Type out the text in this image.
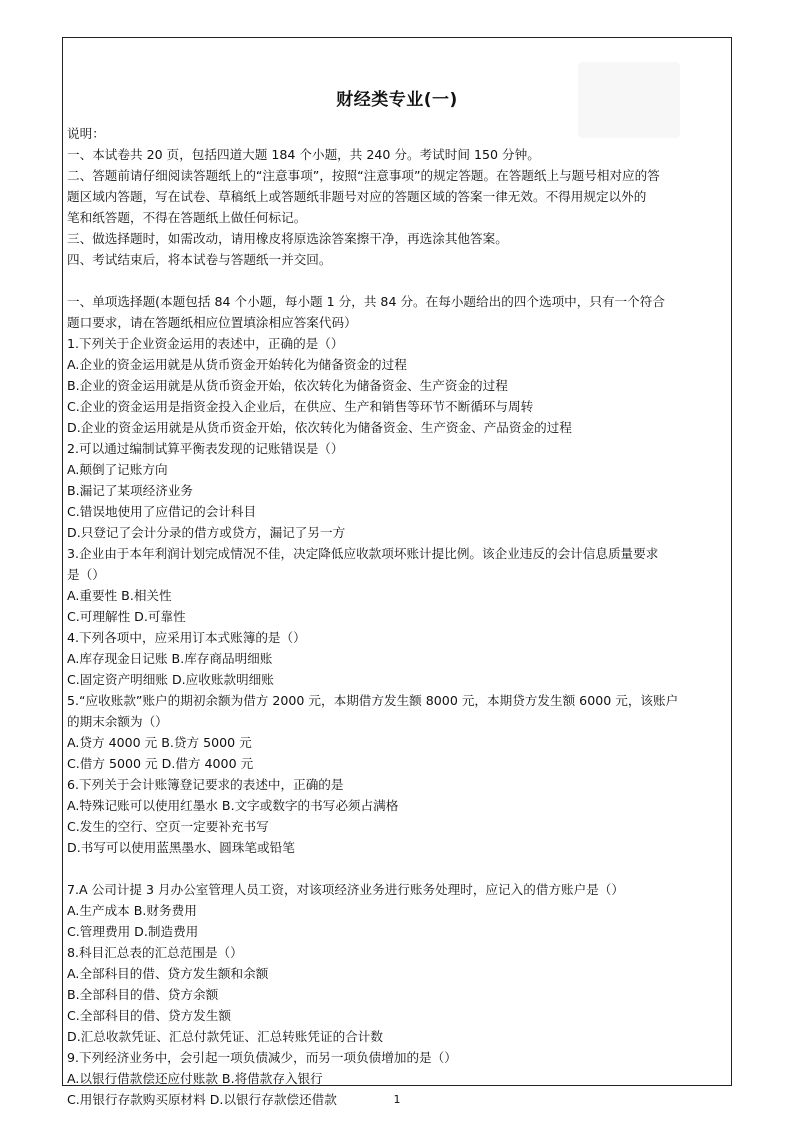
财经类专业(一)
说明：
一、本试卷共 20 页，包括四道大题 184 个小题，共 240 分。考试时间 150 分钟。
二、答题前请仔细阅读答题纸上的“注意事项”，按照“注意事项”的规定答题。在答题纸上与题号相对应的答
题区域内答题，写在试卷、草稿纸上或答题纸非题号对应的答题区域的答案一律无效。不得用规定以外的
笔和纸答题，不得在答题纸上做任何标记。
三、做选择题时，如需改动，请用橡皮将原选涂答案擦干净，再选涂其他答案。
四、考试结束后，将本试卷与答题纸一并交回。
一、单项选择题(本题包括 84 个小题，每小题 1 分，共 84 分。在每小题给出的四个选项中，只有一个符合
题口要求，请在答题纸相应位置填涂相应答案代码）
1.下列关于企业资金运用的表述中，正确的是（）
A.企业的资金运用就是从货币资金开始转化为储备资金的过程
B.企业的资金运用就是从货币资金开始，依次转化为储备资金、生产资金的过程
C.企业的资金运用是指资金投入企业后，在供应、生产和销售等环节不断循环与周转
D.企业的资金运用就是从货币资金开始，依次转化为储备资金、生产资金、产品资金的过程
2.可以通过编制试算平衡表发现的记账错误是（）
A.颠倒了记账方向
B.漏记了某项经济业务
C.错误地使用了应借记的会计科目
D.只登记了会计分录的借方或贷方，漏记了另一方
3.企业由于本年利润计划完成情况不佳，决定降低应收款项坏账计提比例。该企业违反的会计信息质量要求
是（）
A.重要性 B.相关性
C.可理解性 D.可靠性
4.下列各项中，应采用订本式账簿的是（）
A.库存现金日记账 B.库存商品明细账
C.固定资产明细账 D.应收账款明细账
5.“应收账款”账户的期初余额为借方 2000 元，本期借方发生额 8000 元，本期贷方发生额 6000 元，该账户
的期末余额为（）
A.贷方 4000 元 B.贷方 5000 元
C.借方 5000 元 D.借方 4000 元
6.下列关于会计账簿登记要求的表述中，正确的是
A.特殊记账可以使用红墨水 B.文字或数字的书写必须占满格
C.发生的空行、空页一定要补充书写
D.书写可以使用蓝黑墨水、圆珠笔或铅笔
7.A 公司计提 3 月办公室管理人员工资，对该项经济业务进行账务处理时，应记入的借方账户是（）
A.生产成本 B.财务费用
C.管理费用 D.制造费用
8.科目汇总表的汇总范围是（）
A.全部科目的借、贷方发生额和余额
B.全部科目的借、贷方余额
C.全部科目的借、贷方发生额
D.汇总收款凭证、汇总付款凭证、汇总转账凭证的合计数
9.下列经济业务中，会引起一项负债减少，而另一项负债增加的是（）
A.以银行借款偿还应付账款 B.将借款存入银行
C.用银行存款购买原材料 D.以银行存款偿还借款	1
